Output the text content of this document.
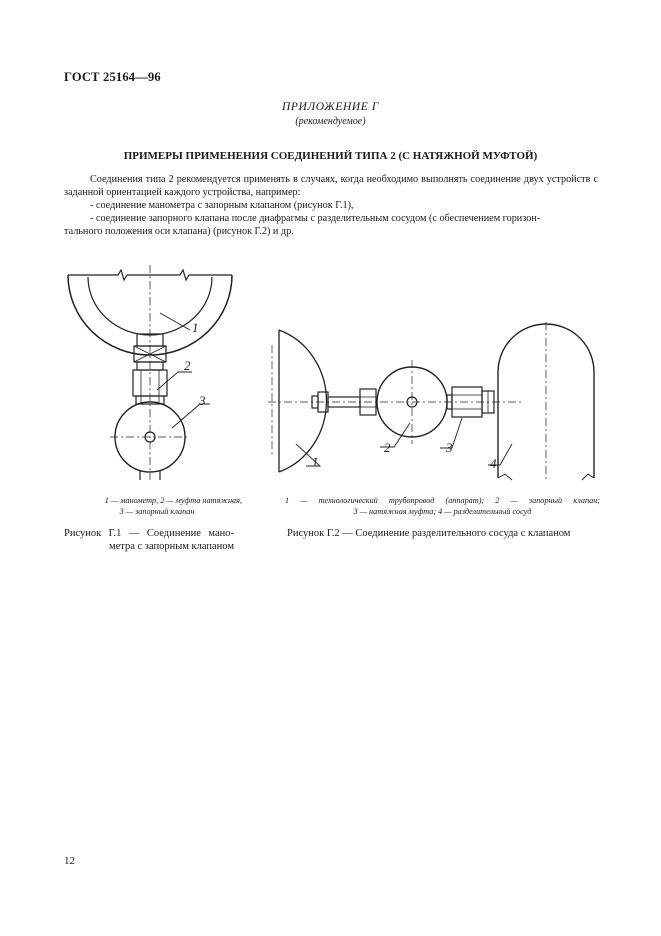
ГОСТ 25164—96
ПРИЛОЖЕНИЕ Г
(рекомендуемое)
ПРИМЕРЫ ПРИМЕНЕНИЯ СОЕДИНЕНИЙ ТИПА 2 (С НАТЯЖНОЙ МУФТОЙ)

Соединения типа 2 рекомендуется применять в случаях, когда необходимо выполнять соединение двух устройств с заданной ориентацией каждого устройства, например:

- соединение манометра с запорным клапаном (рисунок Г.1),

- соединение запорного клапана после диафрагмы с разделительным сосудом (с обеспечением горизон-

тального положения оси клапана) (рисунок Г.2) и др.

1
2
3
1
2	3
4

1 — манометр, 2 — муфта натяжная,

3 — запорный клапан

1 — технологический трубопровод (аппарат); 2 — запорный клапан;

3 — натяжная муфта; 4 — разделительный сосуд

Рисунок Г.1 — Соединение мано-

метра с запорным клапаном

Рисунок Г.2 — Соединение разделительного сосуда с клапаном

12
